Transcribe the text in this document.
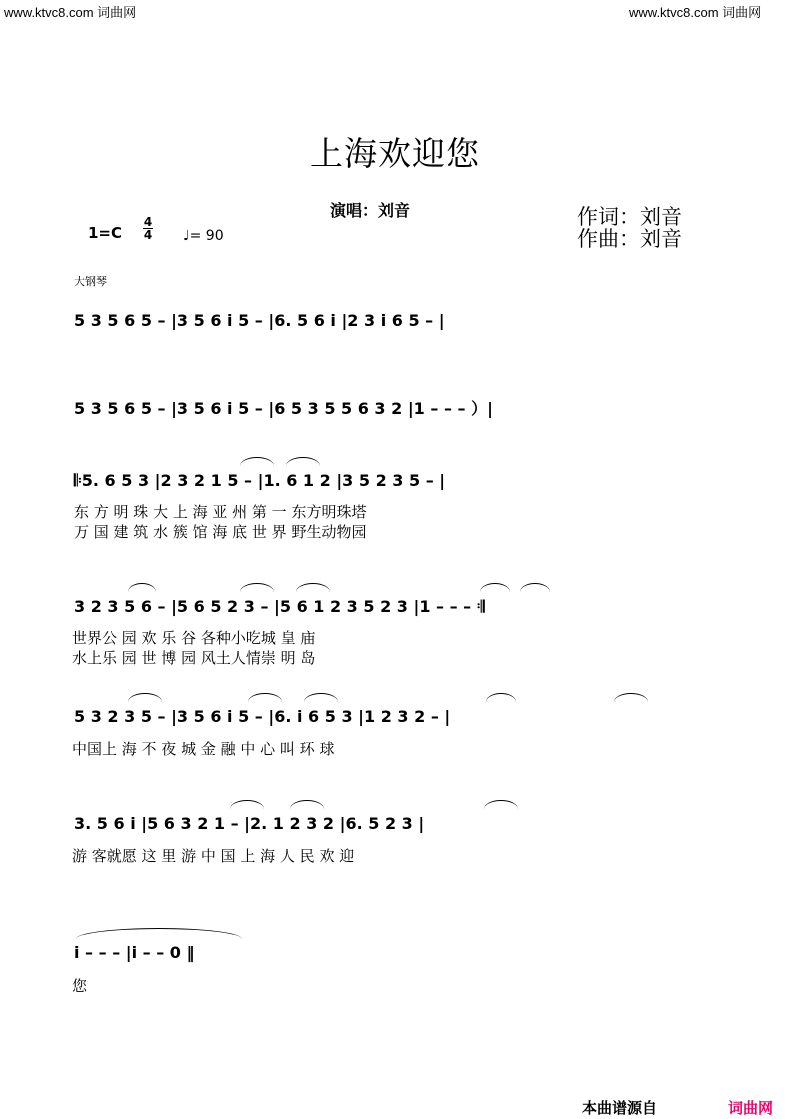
www.ktvc8.com 词曲网	www.ktvc8.com 词曲网
上海欢迎您
演唱：刘音	作词：刘音
作曲：刘音
$1=C \frac{4}{4}$ ♩= 90
大钢琴
5 3 5 6 5 – |3 5 6 i 5 – |6. 5 6 i |2 3 i 6 5 – |
5 3 5 6 5 – |3 5 6 i 5 – |6 5 3 5 5 6 3 2 |1 – – – ）|
𝄆5. 6 5 3 |2 3 2 1 5 – |1. 6 1 2 |3 5 2 3 5 – |
东 方 明 珠 大 上 海 亚 州 第 一 东方明珠塔
万 国 建 筑 水 簇 馆 海 底 世 界 野生动物园
3 2 3 5 6 – |5 6 5 2 3 – |5 6 1 2 3 5 2 3 |1 – – – 𝄇
世界公 园 欢 乐 谷 各种小吃城 皇 庙
水上乐 园 世 博 园 风土人情崇 明 岛
5 3 2 3 5 – |3 5 6 i 5 – |6. i 6 5 3 |1 2 3 2 – |
中国上 海 不 夜 城 金 融 中 心 叫 环 球
3. 5 6 i |5 6 3 2 1 – |2. 1 2 3 2 |6. 5 2 3 |
游 客就愿 这 里 游 中 国 上 海 人 民 欢 迎
i – – – |i – – 0 ‖
您
本曲谱源自	词曲网
